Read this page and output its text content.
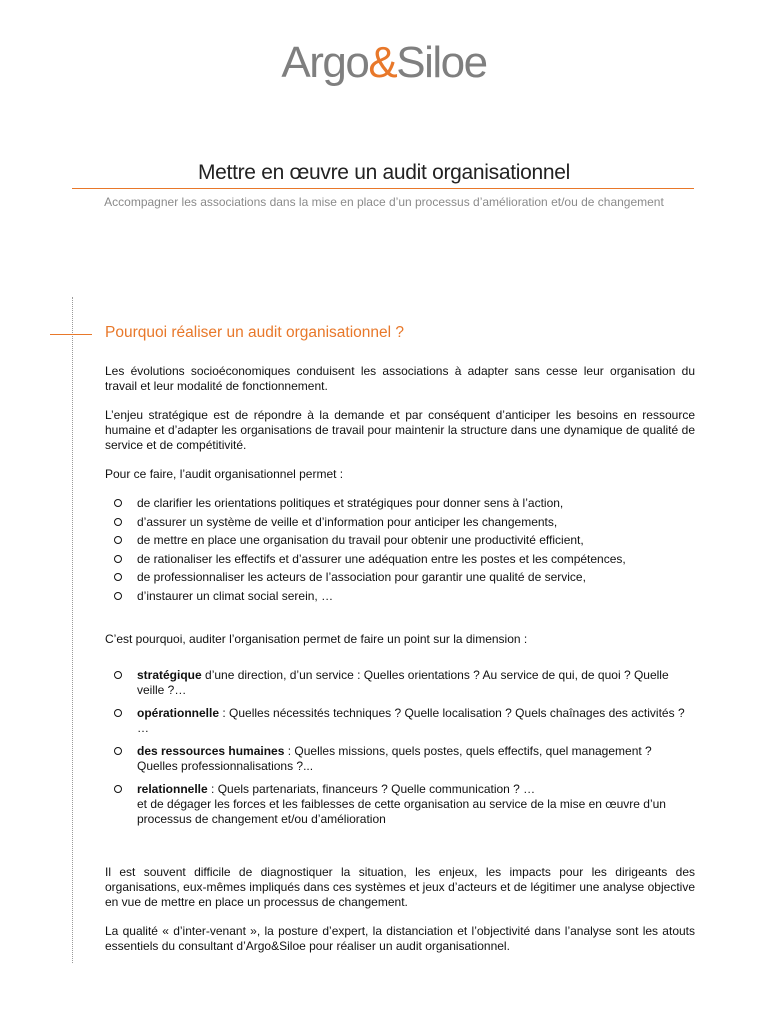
Argo&Siloe
Mettre en œuvre un audit organisationnel
Accompagner les associations dans la mise en place d’un processus d’amélioration et/ou de changement
Pourquoi réaliser un audit organisationnel ?

Les évolutions socioéconomiques conduisent les associations à adapter sans cesse leur organisation du travail et leur modalité de fonctionnement.

L’enjeu stratégique est de répondre à la demande et par conséquent d’anticiper les besoins en ressource humaine et d’adapter les organisations de travail pour maintenir la structure dans une dynamique de qualité de service et de compétitivité.

Pour ce faire, l’audit organisationnel permet :

de clarifier les orientations politiques et stratégiques pour donner sens à l’action,
d’assurer un système de veille et d’information pour anticiper les changements,
de mettre en place une organisation du travail pour obtenir une productivité efficient,
de rationaliser les effectifs et d’assurer une adéquation entre les postes et les compétences,
de professionnaliser les acteurs de l’association pour garantir une qualité de service,
d’instaurer un climat social serein, …

C’est pourquoi, auditer l’organisation permet de faire un point sur la dimension :

stratégique d’une direction, d’un service : Quelles orientations ? Au service de qui, de quoi ? Quelle veille ?…
opérationnelle : Quelles nécessités techniques ? Quelle localisation ? Quels chaînages des activités ? …
des ressources humaines : Quelles missions, quels postes, quels effectifs, quel management ? Quelles professionnalisations ?...
relationnelle : Quels partenariats, financeurs ? Quelle communication ? …
et de dégager les forces et les faiblesses de cette organisation au service de la mise en œuvre d’un processus de changement et/ou d’amélioration

Il est souvent difficile de diagnostiquer la situation, les enjeux, les impacts pour les dirigeants des organisations, eux-mêmes impliqués dans ces systèmes et jeux d’acteurs et de légitimer une analyse objective en vue de mettre en place un processus de changement.

La qualité « d’inter-venant », la posture d’expert, la distanciation et l’objectivité dans l’analyse sont les atouts essentiels du consultant d’Argo&Siloe pour réaliser un audit organisationnel.
